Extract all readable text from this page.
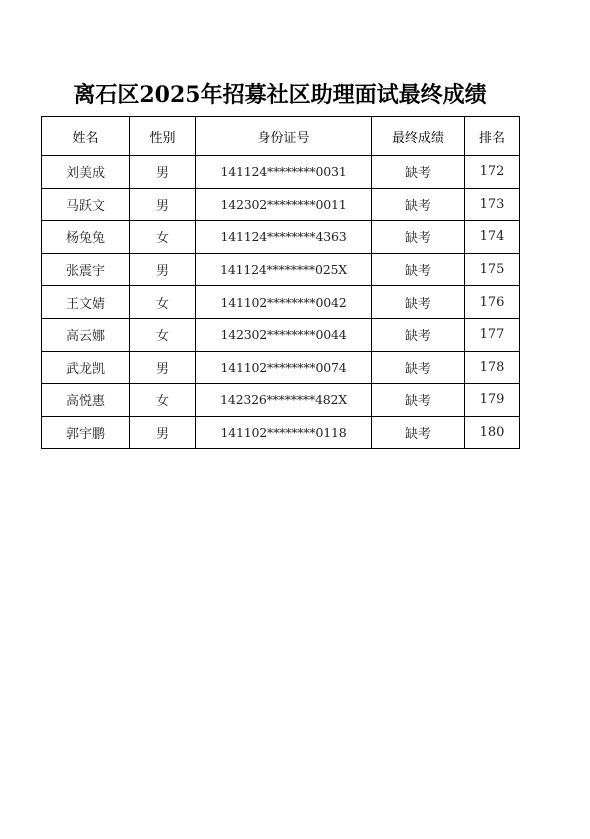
离石区2025年招募社区助理面试最终成绩
姓名	性别	身份证号	最终成绩	排名
刘美成	男	141124********0031	缺考	172
马跃文	男	142302********0011	缺考	173
杨兔兔	女	141124********4363	缺考	174
张震宇	男	141124********025X	缺考	175
王文婧	女	141102********0042	缺考	176
高云娜	女	142302********0044	缺考	177
武龙凯	男	141102********0074	缺考	178
高悦惠	女	142326********482X	缺考	179
郭宇鹏	男	141102********0118	缺考	180
